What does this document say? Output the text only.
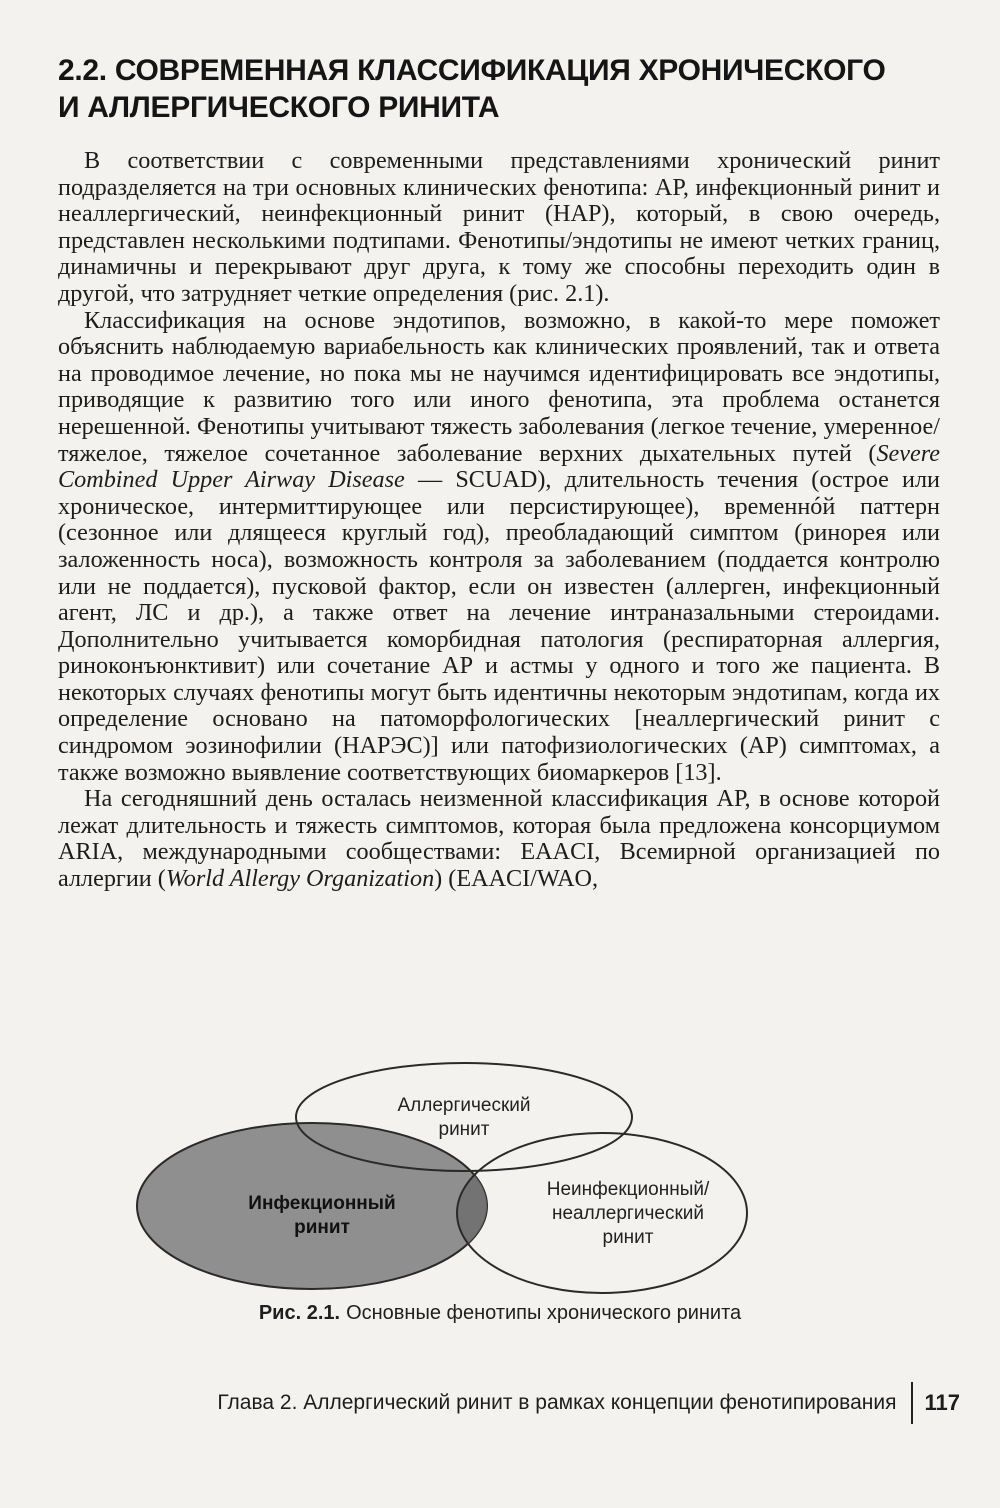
2.2. СОВРЕМЕННАЯ КЛАССИФИКАЦИЯ ХРОНИЧЕСКОГО
И АЛЛЕРГИЧЕСКОГО РИНИТА

В соответствии с современными представлениями хронический ринит подразделяется на три основных клинических фенотипа: АР, инфекционный ринит и неаллергический, неинфекционный ринит (НАР), который, в свою очередь, представлен несколькими подтипами. Фенотипы/эндотипы не имеют четких границ, динамичны и перекрывают друг друга, к тому же способны переходить один в другой, что затрудняет четкие определения (рис. 2.1).

Классификация на основе эндотипов, возможно, в какой-то мере поможет объяснить наблюдаемую вариабельность как клинических проявлений, так и ответа на проводимое лечение, но пока мы не научимся идентифицировать все эндотипы, приводящие к развитию того или иного фенотипа, эта проблема останется нерешенной. Фенотипы учитывают тяжесть заболевания (легкое течение, умеренное/тяжелое, тяжелое сочетанное заболевание верхних дыхательных путей (Severe Combined Upper Airway Disease — SCUAD), длительность течения (острое или хроническое, интермиттирующее или персистирующее), временнóй паттерн (сезонное или длящееся круглый год), преобладающий симптом (ринорея или заложенность носа), возможность контроля за заболеванием (поддается контролю или не поддается), пусковой фактор, если он известен (аллерген, инфекционный агент, ЛС и др.), а также ответ на лечение интраназальными стероидами. Дополнительно учитывается коморбидная патология (респираторная аллергия, риноконъюнктивит) или сочетание АР и астмы у одного и того же пациента. В некоторых случаях фенотипы могут быть идентичны некоторым эндотипам, когда их определение основано на патоморфологических [неаллергический ринит с синдромом эозинофилии (НАРЭС)] или патофизиологических (АР) симптомах, а также возможно выявление соответствующих биомаркеров [13].

На сегодняшний день осталась неизменной классификация АР, в основе которой лежат длительность и тяжесть симптомов, которая была предложена консорциумом ARIA, международными сообществами: EAACI, Всемирной организацией по аллергии (World Allergy Organization) (EAACI/WAO,

Аллергический
ринит
Инфекционный
ринит
Неинфекционный/
неаллергический
ринит
Рис. 2.1. Основные фенотипы хронического ринита
Глава 2. Аллергический ринит в рамках концепции фенотипирования 117
